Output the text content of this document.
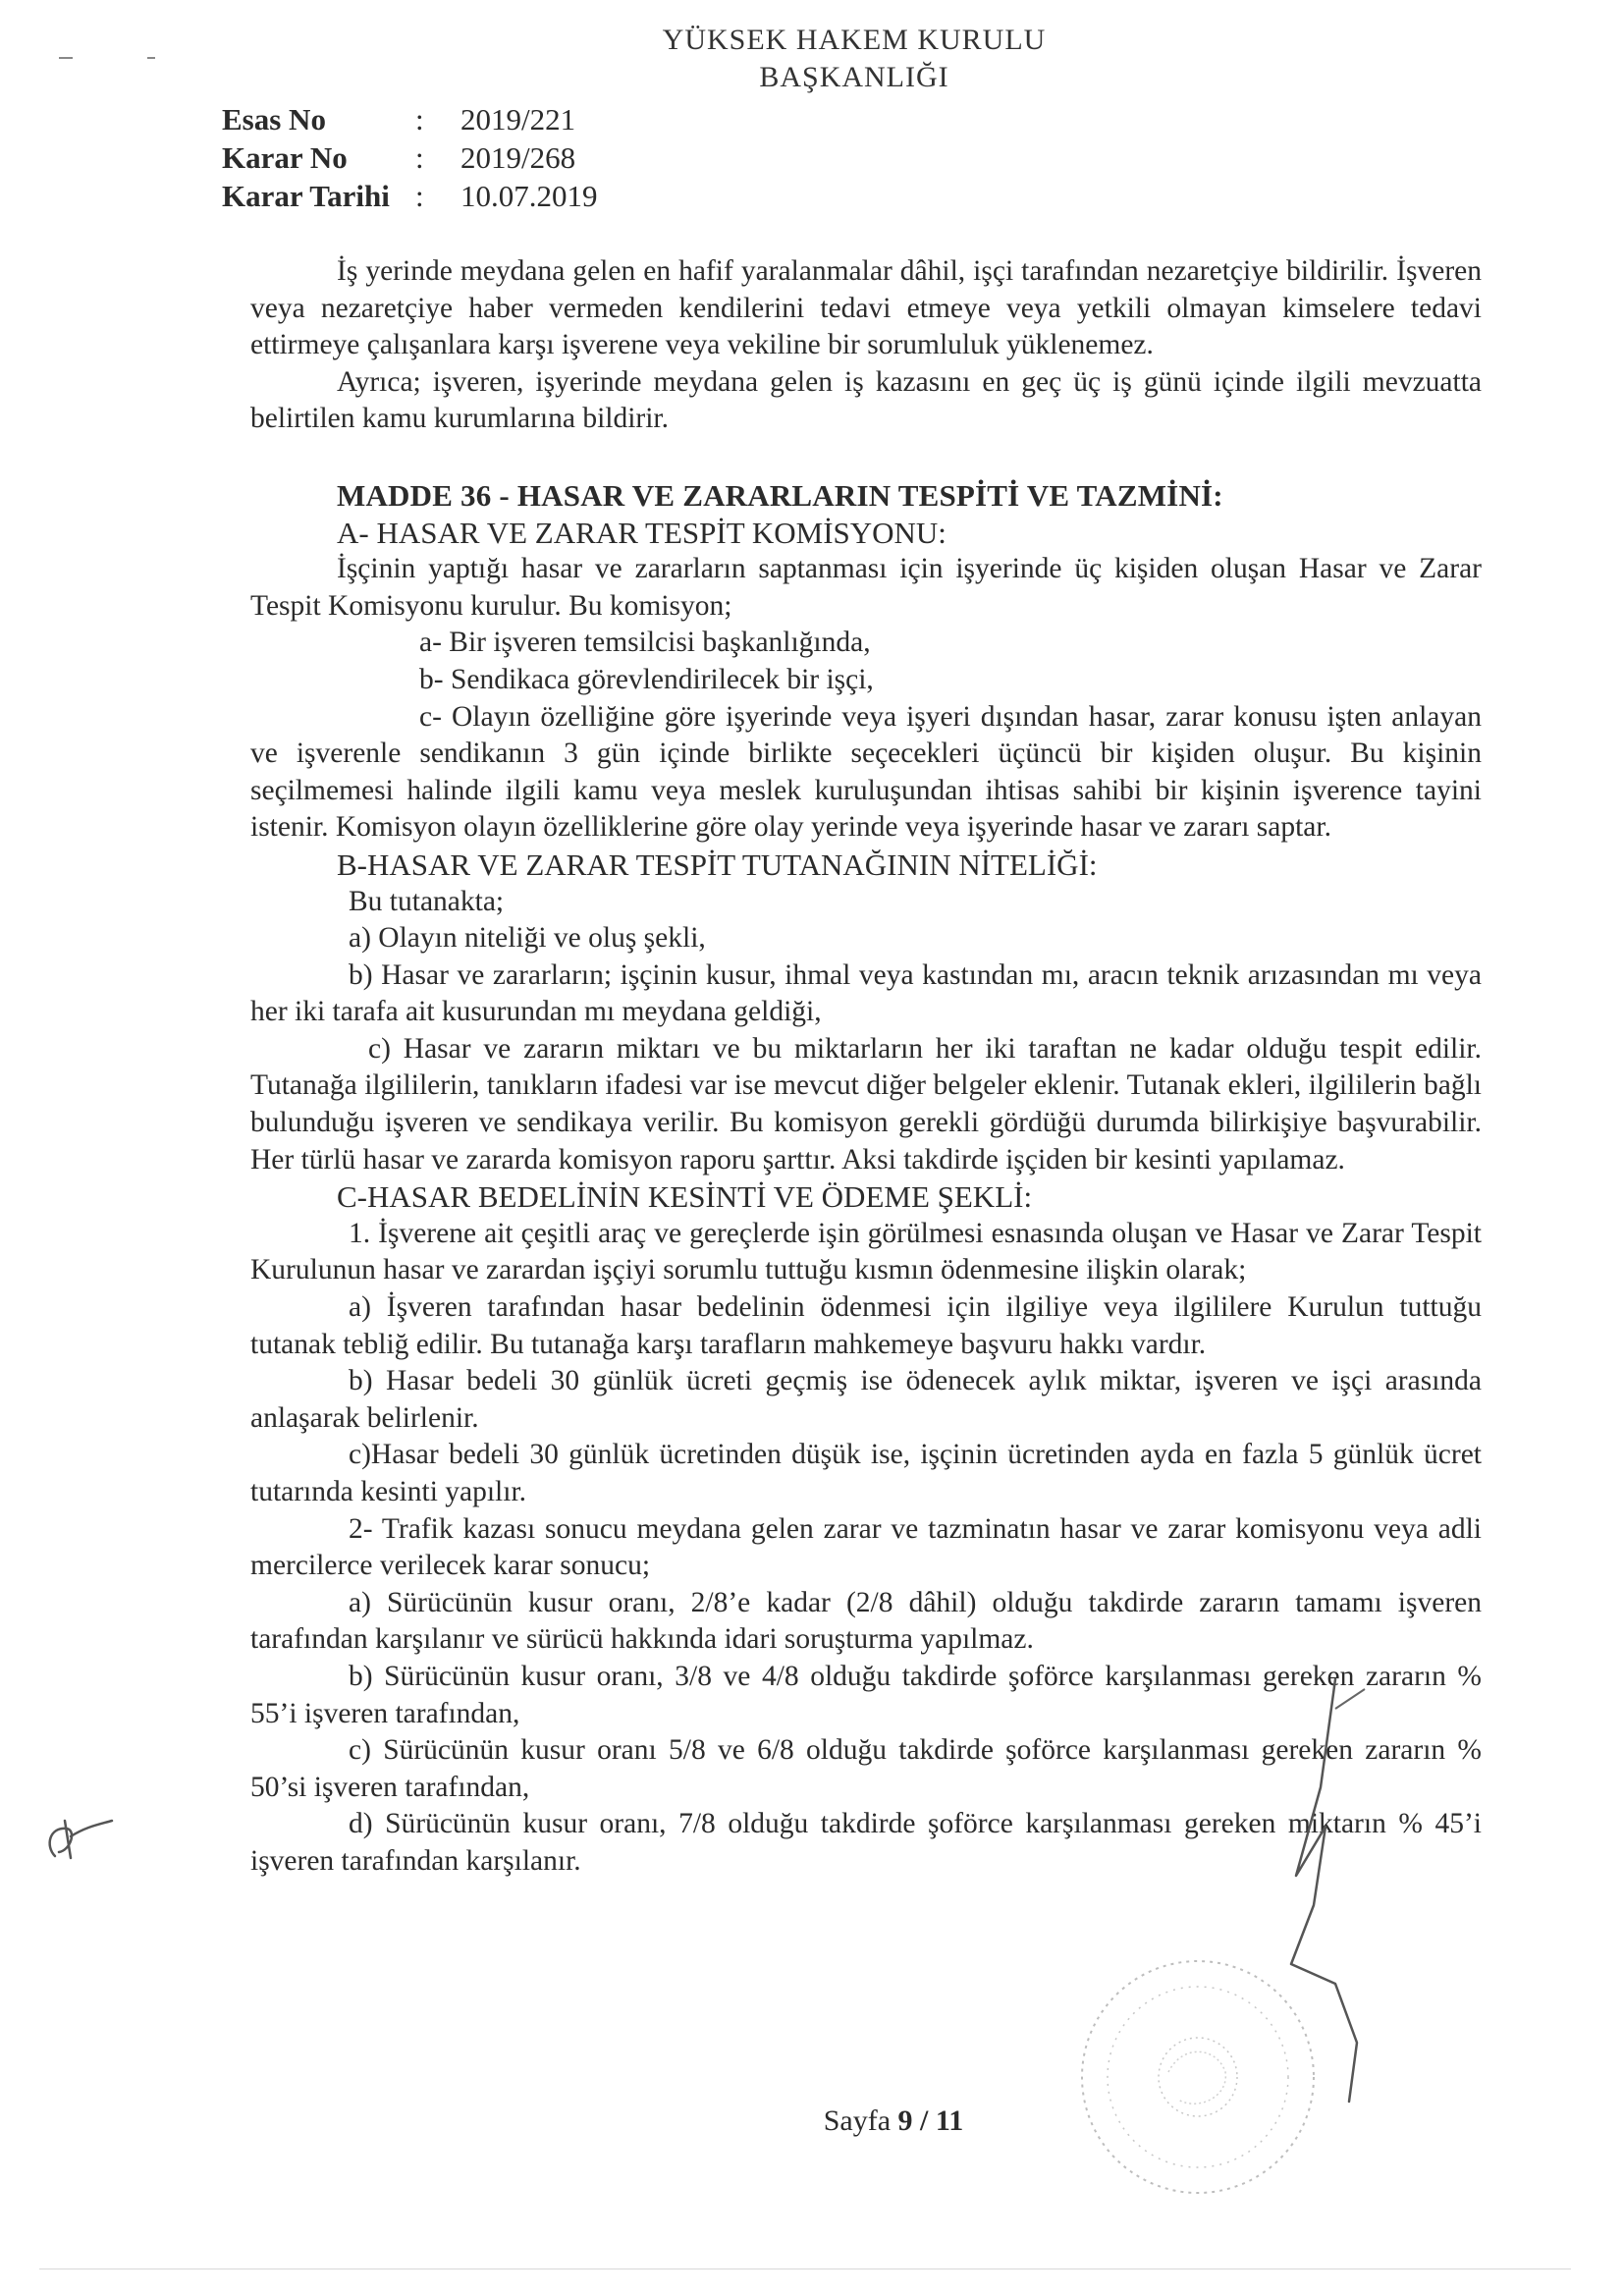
YÜKSEK HAKEM KURULU
BAŞKANLIĞI
Esas No	:	2019/221
Karar No	:	2019/268
Karar Tarihi :	10.07.2019

İş yerinde meydana gelen en hafif yaralanmalar dâhil, işçi tarafından nezaretçiye bildirilir. İşveren veya nezaretçiye haber vermeden kendilerini tedavi etmeye veya yetkili olmayan kimselere tedavi ettirmeye çalışanlara karşı işverene veya vekiline bir sorumluluk yüklenemez.

Ayrıca; işveren, işyerinde meydana gelen iş kazasını en geç üç iş günü içinde ilgili mevzuatta belirtilen kamu kurumlarına bildirir.

MADDE 36 - HASAR VE ZARARLARIN TESPİTİ VE TAZMİNİ:

A- HASAR VE ZARAR TESPİT KOMİSYONU:

İşçinin yaptığı hasar ve zararların saptanması için işyerinde üç kişiden oluşan Hasar ve Zarar Tespit Komisyonu kurulur. Bu komisyon;

a- Bir işveren temsilcisi başkanlığında,

b- Sendikaca görevlendirilecek bir işçi,

c- Olayın özelliğine göre işyerinde veya işyeri dışından hasar, zarar konusu işten anlayan ve işverenle sendikanın 3 gün içinde birlikte seçecekleri üçüncü bir kişiden oluşur. Bu kişinin seçilmemesi halinde ilgili kamu veya meslek kuruluşundan ihtisas sahibi bir kişinin işverence tayini istenir. Komisyon olayın özelliklerine göre olay yerinde veya işyerinde hasar ve zararı saptar.

B-HASAR VE ZARAR TESPİT TUTANAĞININ NİTELİĞİ:

Bu tutanakta;

a) Olayın niteliği ve oluş şekli,

b) Hasar ve zararların; işçinin kusur, ihmal veya kastından mı, aracın teknik arızasından mı veya her iki tarafa ait kusurundan mı meydana geldiği,

c) Hasar ve zararın miktarı ve bu miktarların her iki taraftan ne kadar olduğu tespit edilir. Tutanağa ilgililerin, tanıkların ifadesi var ise mevcut diğer belgeler eklenir. Tutanak ekleri, ilgililerin bağlı bulunduğu işveren ve sendikaya verilir. Bu komisyon gerekli gördüğü durumda bilirkişiye başvurabilir. Her türlü hasar ve zararda komisyon raporu şarttır. Aksi takdirde işçiden bir kesinti yapılamaz.

C-HASAR BEDELİNİN KESİNTİ VE ÖDEME ŞEKLİ:

1. İşverene ait çeşitli araç ve gereçlerde işin görülmesi esnasında oluşan ve Hasar ve Zarar Tespit Kurulunun hasar ve zarardan işçiyi sorumlu tuttuğu kısmın ödenmesine ilişkin olarak;

a) İşveren tarafından hasar bedelinin ödenmesi için ilgiliye veya ilgililere Kurulun tuttuğu tutanak tebliğ edilir. Bu tutanağa karşı tarafların mahkemeye başvuru hakkı vardır.

b) Hasar bedeli 30 günlük ücreti geçmiş ise ödenecek aylık miktar, işveren ve işçi arasında anlaşarak belirlenir.

c)Hasar bedeli 30 günlük ücretinden düşük ise, işçinin ücretinden ayda en fazla 5 günlük ücret tutarında kesinti yapılır.

2- Trafik kazası sonucu meydana gelen zarar ve tazminatın hasar ve zarar komisyonu veya adli mercilerce verilecek karar sonucu;

a) Sürücünün kusur oranı, 2/8’e kadar (2/8 dâhil) olduğu takdirde zararın tamamı işveren tarafından karşılanır ve sürücü hakkında idari soruşturma yapılmaz.

b) Sürücünün kusur oranı, 3/8 ve 4/8 olduğu takdirde şoförce karşılanması gereken zararın % 55’i işveren tarafından,

c) Sürücünün kusur oranı 5/8 ve 6/8 olduğu takdirde şoförce karşılanması gereken zararın % 50’si işveren tarafından,

d) Sürücünün kusur oranı, 7/8 olduğu takdirde şoförce karşılanması gereken miktarın % 45’i işveren tarafından karşılanır.

Sayfa 9 / 11
